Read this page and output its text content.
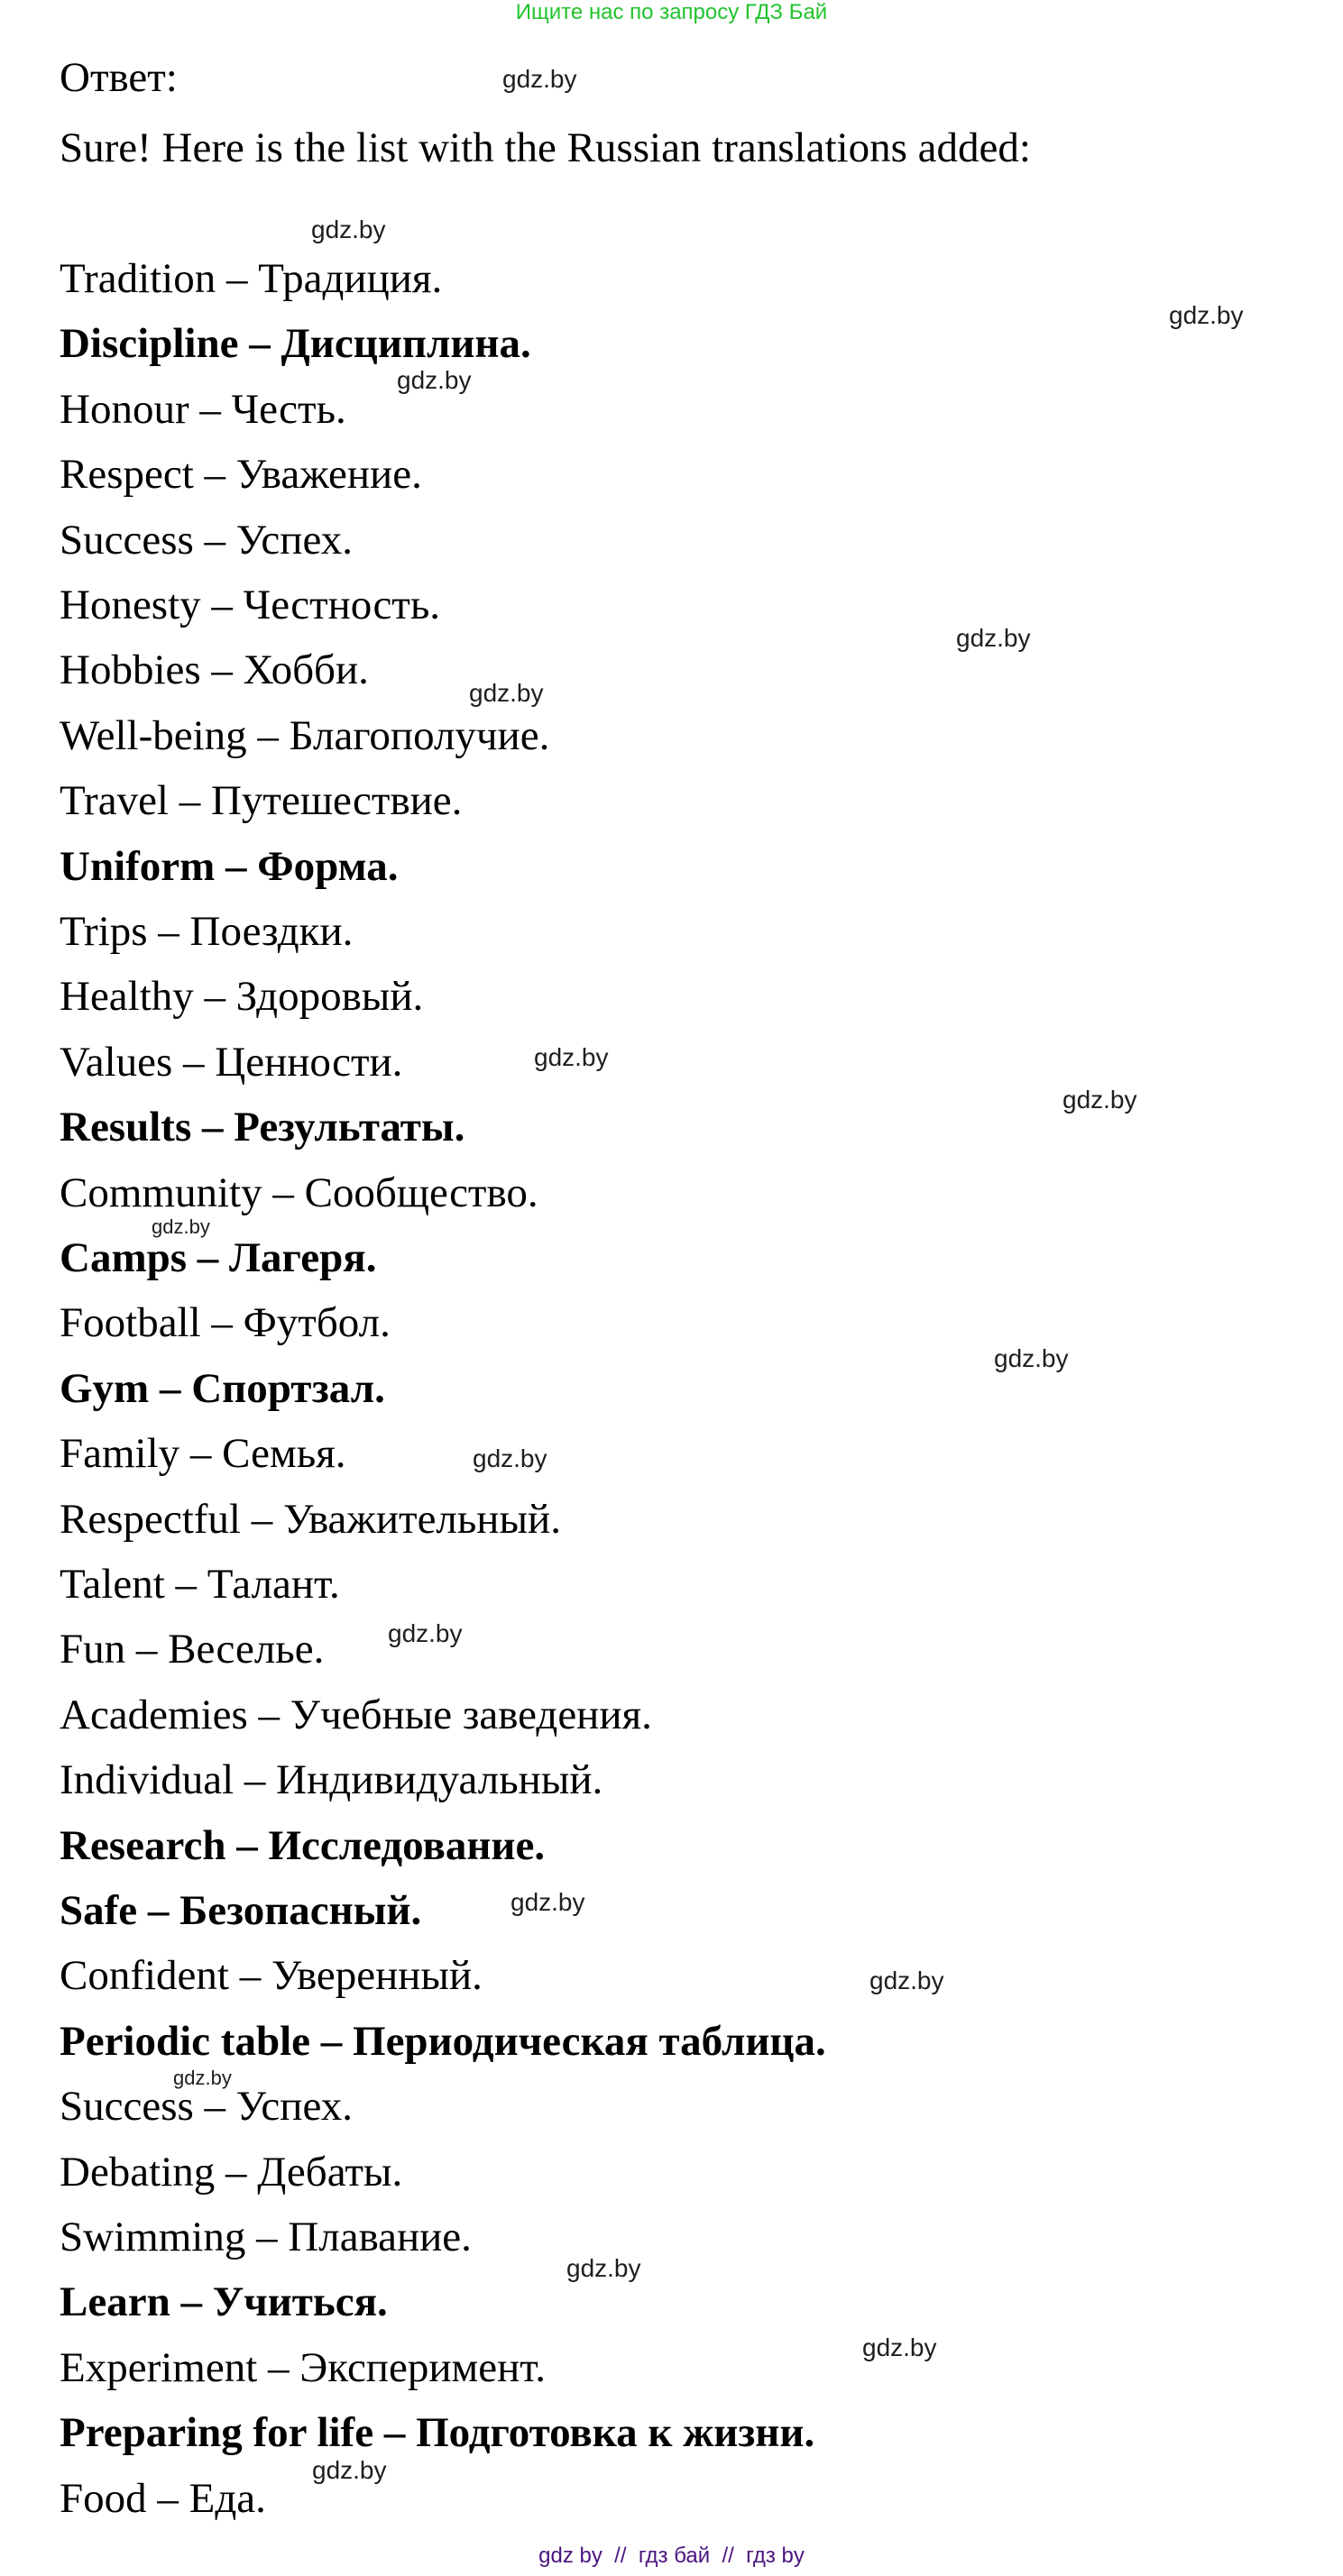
Ищите нас по запросу ГДЗ Бай
Ответ:
Sure! Here is the list with the Russian translations added:
Tradition – Традиция.
Discipline – Дисциплина.
Honour – Честь.
Respect – Уважение.
Success – Успех.
Honesty – Честность.
Hobbies – Хобби.
Well-being – Благополучие.
Travel – Путешествие.
Uniform – Форма.
Trips – Поездки.
Healthy – Здоровый.
Values – Ценности.
Results – Результаты.
Community – Сообщество.
Camps – Лагеря.
Football – Футбол.
Gym – Спортзал.
Family – Семья.
Respectful – Уважительный.
Talent – Талант.
Fun – Веселье.
Academies – Учебные заведения.
Individual – Индивидуальный.
Research – Исследование.
Safe – Безопасный.
Confident – Уверенный.
Periodic table – Периодическая таблица.
Success – Успех.
Debating – Дебаты.
Swimming – Плавание.
Learn – Учиться.
Experiment – Эксперимент.
Preparing for life – Подготовка к жизни.
Food – Еда.
gdz.by
gdz.by
gdz.by
gdz.by
gdz.by
gdz.by
gdz.by
gdz.by
gdz.by
gdz.by
gdz.by
gdz.by
gdz.by
gdz.by
gdz.by
gdz.by
gdz.by
gdz.by
gdz by  //  гдз бай  //  гдз by
